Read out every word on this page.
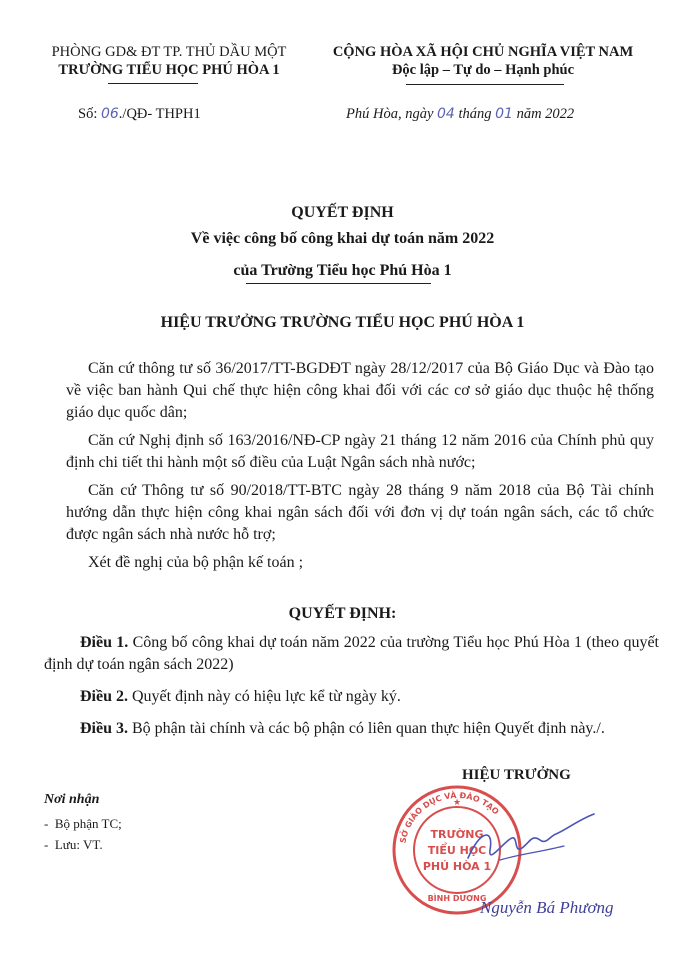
PHÒNG GD& ĐT TP. THỦ DẦU MỘT
TRƯỜNG TIỂU HỌC PHÚ HÒA 1
CỘNG HÒA XÃ HỘI CHỦ NGHĨA VIỆT NAM
Độc lập – Tự do – Hạnh phúc
Số: 06./QĐ- THPH1	Phú Hòa, ngày 04 tháng 01 năm 2022
QUYẾT ĐỊNH
Về việc công bố công khai dự toán năm 2022
của Trường Tiểu học Phú Hòa 1
HIỆU TRƯỞNG TRƯỜNG TIỂU HỌC PHÚ HÒA 1

Căn cứ thông tư số 36/2017/TT-BGDĐT ngày 28/12/2017 của Bộ Giáo Dục và Đào tạo về việc ban hành Qui chế thực hiện công khai đối với các cơ sở giáo dục thuộc hệ thống giáo dục quốc dân;

Căn cứ Nghị định số 163/2016/NĐ-CP ngày 21 tháng 12 năm 2016 của Chính phủ quy định chi tiết thi hành một số điều của Luật Ngân sách nhà nước;

Căn cứ Thông tư số 90/2018/TT-BTC ngày 28 tháng 9 năm 2018 của Bộ Tài chính hướng dẫn thực hiện công khai ngân sách đối với đơn vị dự toán ngân sách, các tổ chức được ngân sách nhà nước hỗ trợ;

Xét đề nghị của bộ phận kế toán ;

QUYẾT ĐỊNH:

Điều 1. Công bố công khai dự toán năm 2022 của trường Tiểu học Phú Hòa 1 (theo quyết định dự toán ngân sách 2022)

Điều 2. Quyết định này có hiệu lực kể từ ngày ký.

Điều 3. Bộ phận tài chính và các bộ phận có liên quan thực hiện Quyết định này./.

HIỆU TRƯỞNG
Nơi nhận
-  Bộ phận TC;
-  Lưu: VT.	SỞ GIÁO DỤC VÀ ĐÀO TẠO
BÌNH DƯƠNG
TRƯỜNG
TIỂU HỌC
PHÚ HÒA 1
★
Nguyễn Bá Phương
